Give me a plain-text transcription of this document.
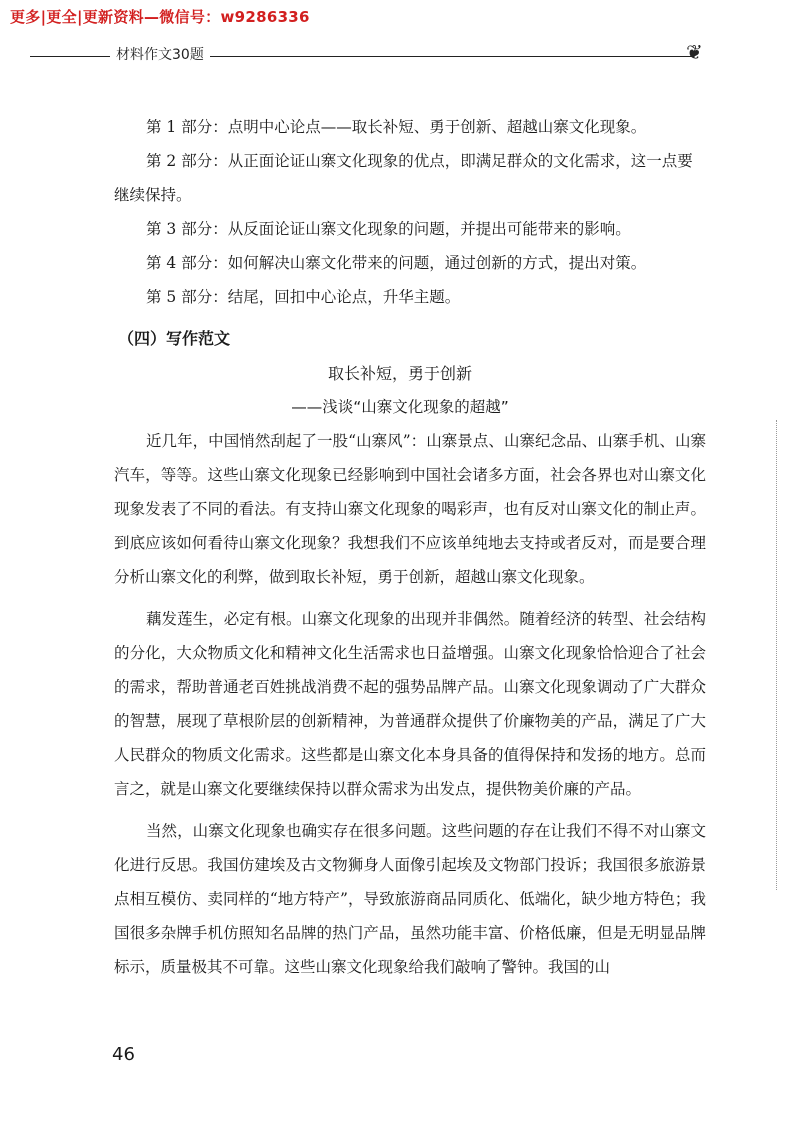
更多|更全|更新资料—微信号：w9286336
材料作文30题	❦

第 1 部分：点明中心论点——取长补短、勇于创新、超越山寨文化现象。

第 2 部分：从正面论证山寨文化现象的优点，即满足群众的文化需求，这一点要继续保持。

第 3 部分：从反面论证山寨文化现象的问题，并提出可能带来的影响。

第 4 部分：如何解决山寨文化带来的问题，通过创新的方式，提出对策。

第 5 部分：结尾，回扣中心论点，升华主题。

（四）写作范文
取长补短，勇于创新
——浅谈“山寨文化现象的超越”

近几年，中国悄然刮起了一股“山寨风”：山寨景点、山寨纪念品、山寨手机、山寨汽车，等等。这些山寨文化现象已经影响到中国社会诸多方面，社会各界也对山寨文化现象发表了不同的看法。有支持山寨文化现象的喝彩声，也有反对山寨文化的制止声。到底应该如何看待山寨文化现象？我想我们不应该单纯地去支持或者反对，而是要合理分析山寨文化的利弊，做到取长补短，勇于创新，超越山寨文化现象。

藕发莲生，必定有根。山寨文化现象的出现并非偶然。随着经济的转型、社会结构的分化，大众物质文化和精神文化生活需求也日益增强。山寨文化现象恰恰迎合了社会的需求，帮助普通老百姓挑战消费不起的强势品牌产品。山寨文化现象调动了广大群众的智慧，展现了草根阶层的创新精神，为普通群众提供了价廉物美的产品，满足了广大人民群众的物质文化需求。这些都是山寨文化本身具备的值得保持和发扬的地方。总而言之，就是山寨文化要继续保持以群众需求为出发点，提供物美价廉的产品。

当然，山寨文化现象也确实存在很多问题。这些问题的存在让我们不得不对山寨文化进行反思。我国仿建埃及古文物狮身人面像引起埃及文物部门投诉；我国很多旅游景点相互模仿、卖同样的“地方特产”，导致旅游商品同质化、低端化，缺少地方特色；我国很多杂牌手机仿照知名品牌的热门产品，虽然功能丰富、价格低廉，但是无明显品牌标示，质量极其不可靠。这些山寨文化现象给我们敲响了警钟。我国的山

46
